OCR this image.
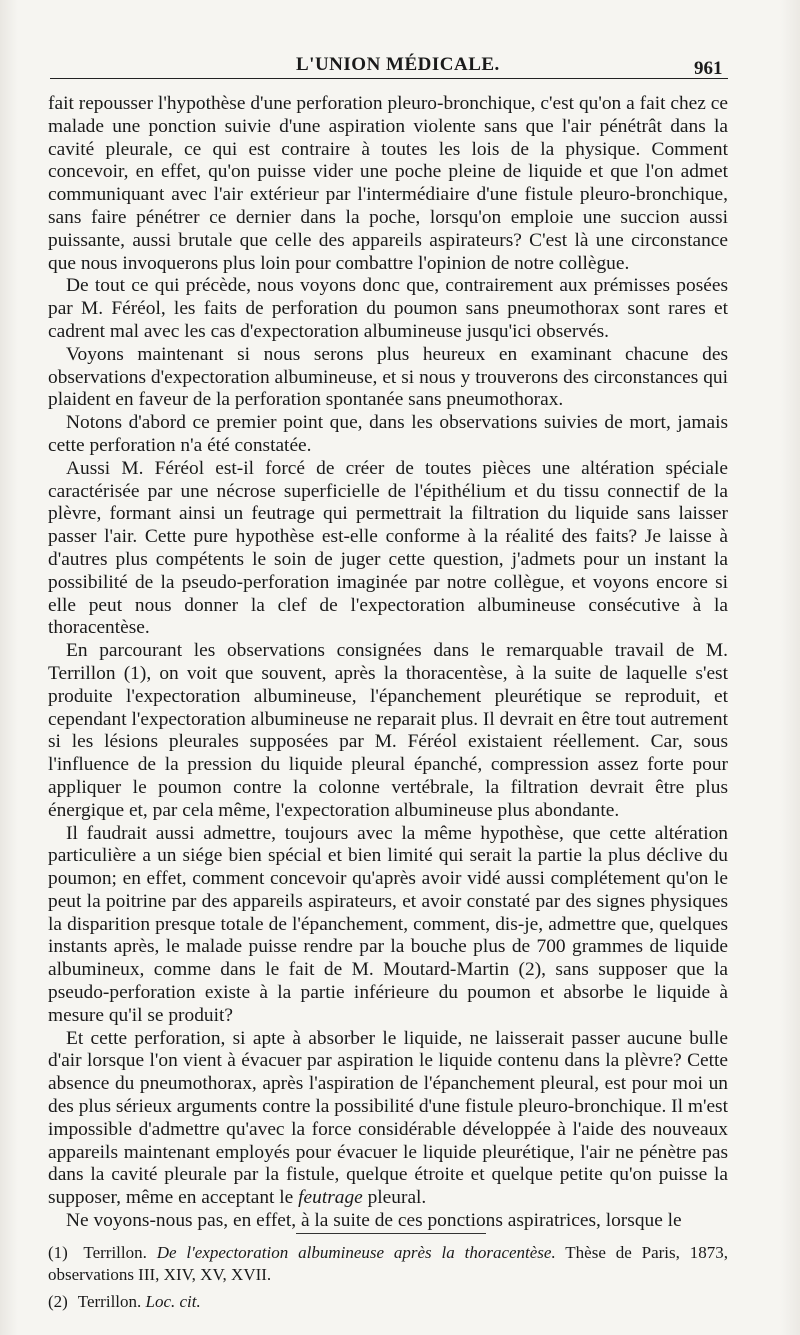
L'UNION MÉDICALE.	961

fait repousser l'hypothèse d'une perforation pleuro-bronchique, c'est qu'on a fait chez ce malade une ponction suivie d'une aspiration violente sans que l'air pénétrât dans la cavité pleurale, ce qui est contraire à toutes les lois de la physique. Comment concevoir, en effet, qu'on puisse vider une poche pleine de liquide et que l'on admet communiquant avec l'air extérieur par l'intermédiaire d'une fistule pleuro-bronchique, sans faire pénétrer ce dernier dans la poche, lorsqu'on emploie une succion aussi puissante, aussi brutale que celle des appareils aspirateurs? C'est là une circonstance que nous invoquerons plus loin pour combattre l'opinion de notre collègue.

De tout ce qui précède, nous voyons donc que, contrairement aux prémisses posées par M. Féréol, les faits de perforation du poumon sans pneumothorax sont rares et cadrent mal avec les cas d'expectoration albumineuse jusqu'ici observés.

Voyons maintenant si nous serons plus heureux en examinant chacune des observations d'expectoration albumineuse, et si nous y trouverons des circonstances qui plaident en faveur de la perforation spontanée sans pneumothorax.

Notons d'abord ce premier point que, dans les observations suivies de mort, jamais cette perforation n'a été constatée.

Aussi M. Féréol est-il forcé de créer de toutes pièces une altération spéciale caractérisée par une nécrose superficielle de l'épithélium et du tissu connectif de la plèvre, formant ainsi un feutrage qui permettrait la filtration du liquide sans laisser passer l'air. Cette pure hypothèse est-elle conforme à la réalité des faits? Je laisse à d'autres plus compétents le soin de juger cette question, j'admets pour un instant la possibilité de la pseudo-perforation imaginée par notre collègue, et voyons encore si elle peut nous donner la clef de l'expectoration albumineuse consécutive à la thoracentèse.

En parcourant les observations consignées dans le remarquable travail de M. Terrillon (1), on voit que souvent, après la thoracentèse, à la suite de laquelle s'est produite l'expectoration albumineuse, l'épanchement pleurétique se reproduit, et cependant l'expectoration albumineuse ne reparait plus. Il devrait en être tout autrement si les lésions pleurales supposées par M. Féréol existaient réellement. Car, sous l'influence de la pression du liquide pleural épanché, compression assez forte pour appliquer le poumon contre la colonne vertébrale, la filtration devrait être plus énergique et, par cela même, l'expectoration albumineuse plus abondante.

Il faudrait aussi admettre, toujours avec la même hypothèse, que cette altération particulière a un siége bien spécial et bien limité qui serait la partie la plus déclive du poumon; en effet, comment concevoir qu'après avoir vidé aussi complétement qu'on le peut la poitrine par des appareils aspirateurs, et avoir constaté par des signes physiques la disparition presque totale de l'épanchement, comment, dis-je, admettre que, quelques instants après, le malade puisse rendre par la bouche plus de 700 grammes de liquide albumineux, comme dans le fait de M. Moutard-Martin (2), sans supposer que la pseudo-perforation existe à la partie inférieure du poumon et absorbe le liquide à mesure qu'il se produit?

Et cette perforation, si apte à absorber le liquide, ne laisserait passer aucune bulle d'air lorsque l'on vient à évacuer par aspiration le liquide contenu dans la plèvre? Cette absence du pneumothorax, après l'aspiration de l'épanchement pleural, est pour moi un des plus sérieux arguments contre la possibilité d'une fistule pleuro-bronchique. Il m'est impossible d'admettre qu'avec la force considérable développée à l'aide des nouveaux appareils maintenant employés pour évacuer le liquide pleurétique, l'air ne pénètre pas dans la cavité pleurale par la fistule, quelque étroite et quelque petite qu'on puisse la supposer, même en acceptant le feutrage pleural.

Ne voyons-nous pas, en effet, à la suite de ces ponctions aspiratrices, lorsque le

(1) Terrillon. De l'expectoration albumineuse après la thoracentèse. Thèse de Paris, 1873, observations III, XIV, XV, XVII.

(2) Terrillon. Loc. cit.
